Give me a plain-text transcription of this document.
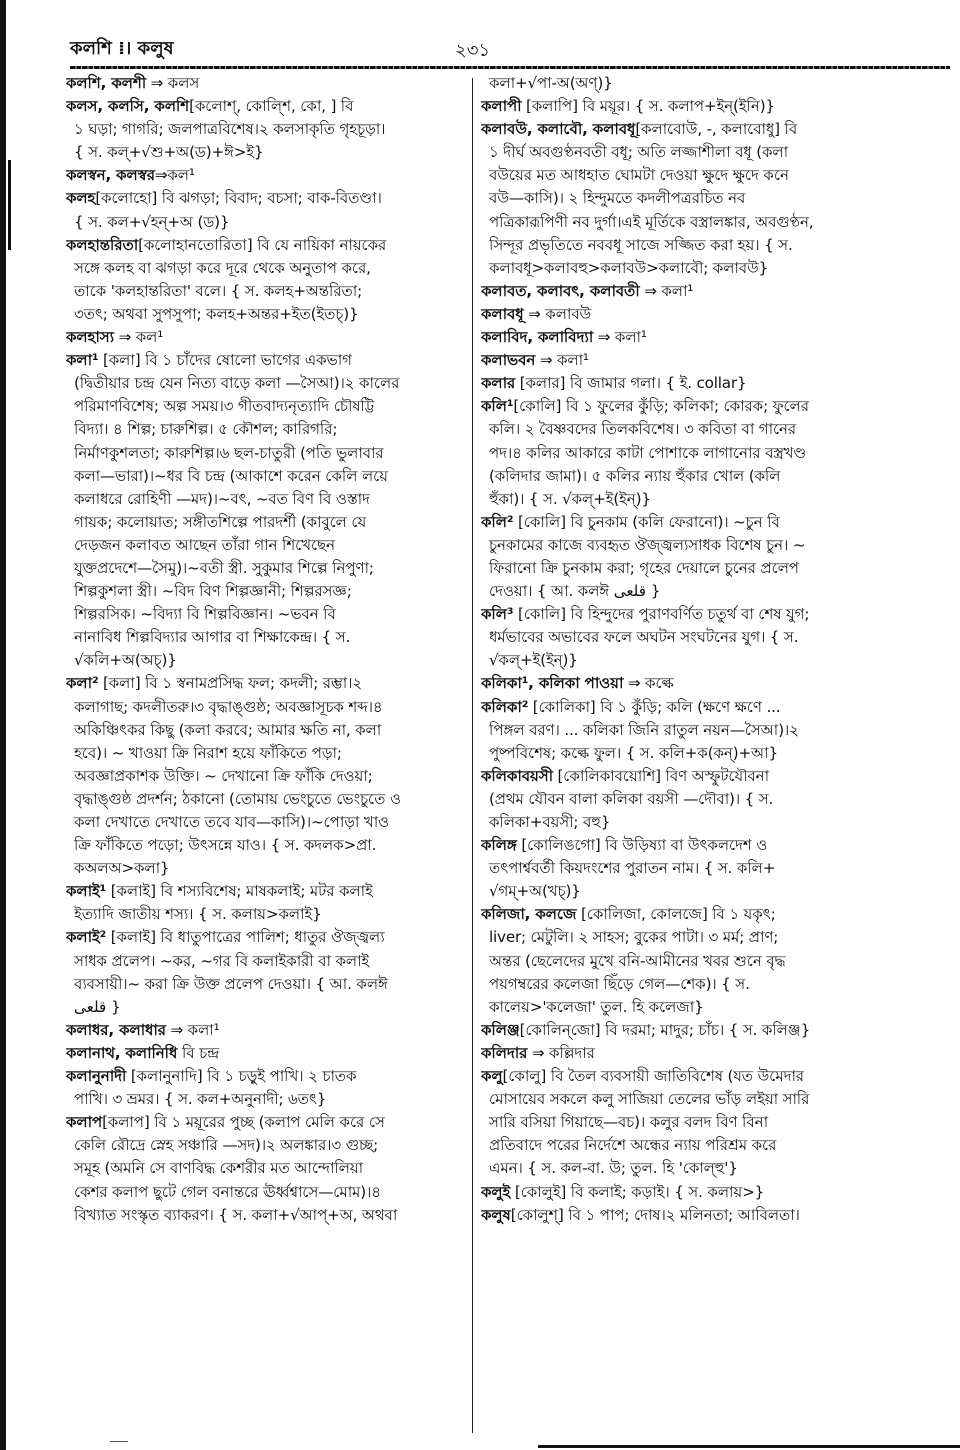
কলশি ⁞। কলুষ	২৩১
কলশি, কলশী ⇒ কলস
কলস, কলসি, কলশি[কলোশ্, কোল্শি, কো, ] বি
১ ঘড়া; গাগরি; জলপাত্রবিশেষ।২ কলসাকৃতি গৃহচূড়া।
{ স. কল্+√শু+অ(ড)+ঈ>ই}
কলস্বন, কলস্বর⇒কল¹
কলহ[কলোহো] বি ঝগড়া; বিবাদ; বচসা; বাক-বিতণ্ডা।
{ স. কল+√হন্+অ (ড)}
কলহান্তরিতা[কলোহানতোরিতা] বি যে নায়িকা নায়কের
সঙ্গে কলহ বা ঝগড়া করে দূরে থেকে অনুতাপ করে,
তাকে 'কলহান্তরিতা' বলে। { স. কলহ+অন্তরিতা;
৩তৎ; অথবা সুপসুপা; কলহ+অন্তর+ইত(ইতচ্)}
কলহাস্য ⇒ কল¹
কলা¹ [কলা] বি ১ চাঁদের ষোলো ভাগের একভাগ
(দ্বিতীয়ার চন্দ্র যেন নিত্য বাড়ে কলা —সৈআ)।২ কালের
পরিমাণবিশেষ; অল্প সময়।৩ গীতবাদ্যনৃত্যাদি চৌষট্টি
বিদ্যা। ৪ শিল্প; চারুশিল্প। ৫ কৌশল; কারিগরি;
নির্মাণকুশলতা; কারুশিল্প।৬ ছল-চাতুরী (পতি ভুলাবার
কলা—ভারা)।~ধর বি চন্দ্র (আকাশে করেন কেলি লয়ে
কলাধরে রোহিণী —মদ)।~বৎ, ~বত বিণ বি ওস্তাদ
গায়ক; কলোয়াত; সঙ্গীতশিল্পে পারদর্শী (কাবুলে যে
দেড়জন কলাবত আছেন তাঁরা গান শিখেছেন
যুক্তপ্রদেশে—সৈমু)।~বতী স্ত্রী. সুকুমার শিল্পে নিপুণা;
শিল্পকুশলা স্ত্রী। ~বিদ বিণ শিল্পজ্ঞানী; শিল্পরসজ্ঞ;
শিল্পরসিক। ~বিদ্যা বি শিল্পবিজ্ঞান। ~ভবন বি
নানাবিধ শিল্পবিদ্যার আগার বা শিক্ষাকেন্দ্র। { স.
√কলি+অ(অচ্)}
কলা² [কলা] বি ১ স্বনামপ্রসিদ্ধ ফল; কদলী; রম্ভা।২
কলাগাছ; কদলীতরু।৩ বৃদ্ধাঙ্গুষ্ঠ; অবজ্ঞাসূচক শব্দ।৪
অকিঞ্চিৎকর কিছু (কলা করবে; আমার ক্ষতি না, কলা
হবে)। ~ খাওয়া ক্রি নিরাশ হয়ে ফাঁকিতে পড়া;
অবজ্ঞাপ্রকাশক উক্তি। ~ দেখানো ক্রি ফাঁকি দেওয়া;
বৃদ্ধাঙ্গুষ্ঠ প্রদর্শন; ঠকানো (তোমায় ভেংচুতে ভেংচুতে ও
কলা দেখাতে দেখাতে তবে যাব—কাসি)।~পোড়া খাও
ক্রি ফাঁকিতে পড়ো; উৎসন্নে যাও। { স. কদলক>প্রা.
কঅলঅ>কলা}
কলাই¹ [কলাই] বি শস্যবিশেষ; মাষকলাই; মটর কলাই
ইত্যাদি জাতীয় শস্য। { স. কলায়>কলাই}
কলাই² [কলাই] বি ধাতুপাত্রের পালিশ; ধাতুর ঔজ্জ্বল্য
সাধক প্রলেপ। ~কর, ~গর বি কলাইকারী বা কলাই
ব্যবসায়ী।~ করা ক্রি উক্ত প্রলেপ দেওয়া। { আ. কলঈ
قلعی }
কলাধর, কলাধার ⇒ কলা¹
কলানাথ, কলানিধি বি চন্দ্র
কলানুনাদী [কলানুনাদি] বি ১ চড়ুই পাখি। ২ চাতক
পাখি। ৩ ভ্রমর। { স. কল+অনুনাদী; ৬তৎ}
কলাপ[কলাপ] বি ১ ময়ূরের পুচ্ছ (কলাপ মেলি করে সে
কেলি রৌদ্রে স্নেহ সঞ্চারি —সদ)।২ অলঙ্কার।৩ গুচ্ছ;
সমূহ (অমনি সে বাণবিদ্ধ কেশরীর মত আন্দোলিয়া
কেশর কলাপ ছুটে গেল বনান্তরে ঊর্ধ্বশ্বাসে—মোম)।৪
বিখ্যাত সংস্কৃত ব্যাকরণ। { স. কলা+√আপ্+অ, অথবা
কলা+√পা-অ(অণ্)}
কলাপী [কলাপি] বি ময়ূর। { স. কলাপ+ইন্(ইনি)}
কলাবউ, কলাবৌ, কলাবধূ[কলাবোউ, -, কলাবোধু] বি
১ দীর্ঘ অবগুণ্ঠনবতী বধূ; অতি লজ্জাশীলা বধূ (কলা
বউয়ের মত আধহাত ঘোমটা দেওয়া ক্ষুদে ক্ষুদে কনে
বউ—কাসি)। ২ হিন্দুমতে কদলীপত্ররচিত নব
পত্রিকারূপিণী নব দুর্গা।এই মূর্তিকে বস্ত্রালঙ্কার, অবগুণ্ঠন,
সিন্দূর প্রভৃতিতে নববধূ সাজে সজ্জিত করা হয়। { স.
কলাবধূ>কলাবহু>কলাবউ>কলাবৌ; কলাবউ}
কলাবত, কলাবৎ, কলাবতী ⇒ কলা¹
কলাবধূ ⇒ কলাবউ
কলাবিদ, কলাবিদ্যা ⇒ কলা¹
কলাভবন ⇒ কলা¹
কলার [কলার] বি জামার গলা। { ই. collar}
কলি¹[কোলি] বি ১ ফুলের কুঁড়ি; কলিকা; কোরক; ফুলের
কলি। ২ বৈষ্ণবদের তিলকবিশেষ। ৩ কবিতা বা গানের
পদ।৪ কলির আকারে কাটা পোশাকে লাগানোর বস্ত্রখণ্ড
(কলিদার জামা)। ৫ কলির ন্যায় হুঁকার খোল (কলি
হুঁকা)। { স. √কল্+ই(ইন্)}
কলি² [কোলি] বি চুনকাম (কলি ফেরানো)। ~চুন বি
চুনকামের কাজে ব্যবহৃত ঔজ্জ্বল্যসাধক বিশেষ চুন। ~
ফিরানো ক্রি চুনকাম করা; গৃহের দেয়ালে চুনের প্রলেপ
দেওয়া। { আ. কলঈ قلعی }
কলি³ [কোলি] বি হিন্দুদের পুরাণবর্ণিত চতুর্থ বা শেষ যুগ;
ধর্মভাবের অভাবের ফলে অঘটন সংঘটনের যুগ। { স.
√কল্+ই(ইন্)}
কলিকা¹, কলিকা পাওয়া ⇒ কল্কে
কলিকা² [কোলিকা] বি ১ কুঁড়ি; কলি (ক্ষণে ক্ষণে ...
পিঙ্গল বরণ। ... কলিকা জিনি রাতুল নয়ন—সৈআ)।২
পুষ্পবিশেষ; কল্কে ফুল। { স. কলি+ক(কন্)+আ}
কলিকাবয়সী [কোলিকাবয়োশি] বিণ অস্ফুটযৌবনা
(প্রথম যৌবন বালা কলিকা বয়সী —দৌবা)। { স.
কলিকা+বয়সী; বহু}
কলিঙ্গ [কোলিঙগো] বি উড়িষ্যা বা উৎকলদেশ ও
তৎপার্শ্ববর্তী কিয়দংশের পুরাতন নাম। { স. কলি+
√গম্+অ(খচ্)}
কলিজা, কলজে [কোলিজা, কোলজে] বি ১ যকৃৎ;
liver; মেটুলি। ২ সাহস; বুকের পাটা। ৩ মর্ম; প্রাণ;
অন্তর (ছেলেদের মুখে বনি-আমীনের খবর শুনে বৃদ্ধ
পয়গম্বরের কলেজা ছিঁড়ে গেল—শেক)। { স.
কালেয়>'কলেজা' তুল. হি কলেজা}
কলিঞ্জ[কোলিন্‌জো] বি দরমা; মাদুর; চাঁচ। { স. কলিঞ্জ}
কলিদার ⇒ কল্লিদার
কলু[কোলু] বি তৈল ব্যবসায়ী জাতিবিশেষ (যত উমেদার
মোসায়েব সকলে কলু সাজিয়া তেলের ভাঁড় লইয়া সারি
সারি বসিয়া গিয়াছে—বচ)। কলুর বলদ বিণ বিনা
প্রতিবাদে পরের নির্দেশে অন্ধের ন্যায় পরিশ্রম করে
এমন। { স. কল-বা. উ; তুল. হি 'কোল্হু'}
কলুই [কোলুই] বি কলাই; কড়াই। { স. কলায়>}
কলুষ[কোলুশ্] বি ১ পাপ; দোষ।২ মলিনতা; আবিলতা।
